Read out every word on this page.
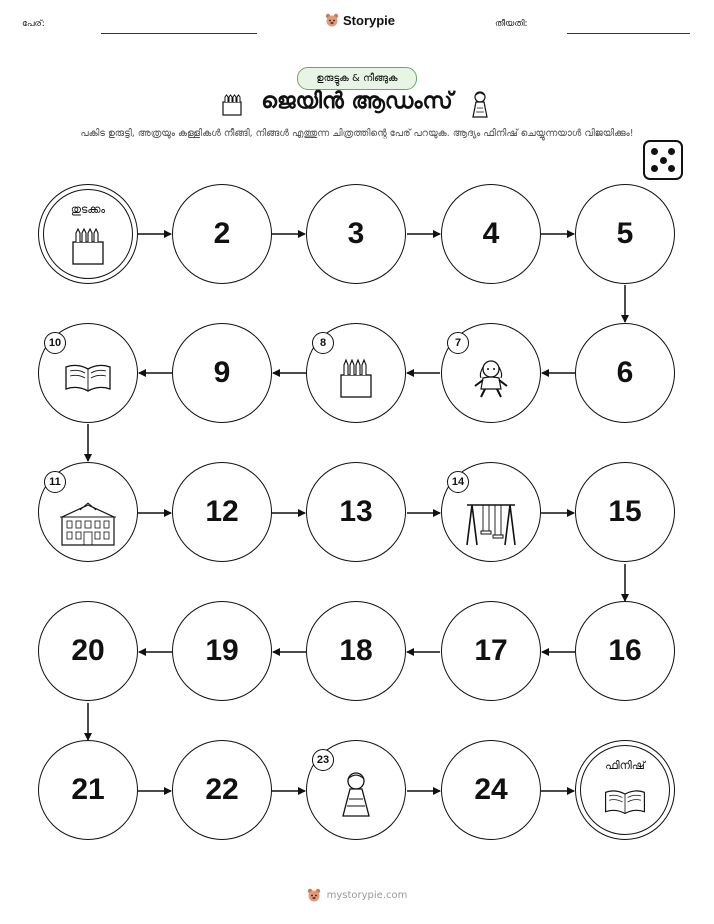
പേര്:	Storypie	തീയതി:
ഉരുട്ടുക & നീങ്ങുക
ജെയിൻ ആഡംസ്
പകിട ഉരുട്ടി, അത്രയും കള്ളികൾ നീങ്ങി, നിങ്ങൾ എത്തുന്ന ചിത്രത്തിന്റെ പേര് പറയുക. ആദ്യം ഫിനിഷ് ചെയ്യുന്നയാൾ വിജയിക്കും!
തുടക്കം
2	3	4	5
10
9
8	7
6
11
12	13
14
15
20	19	18	17	16
21	22
23
24
ഫിനിഷ്
mystorypie.com
